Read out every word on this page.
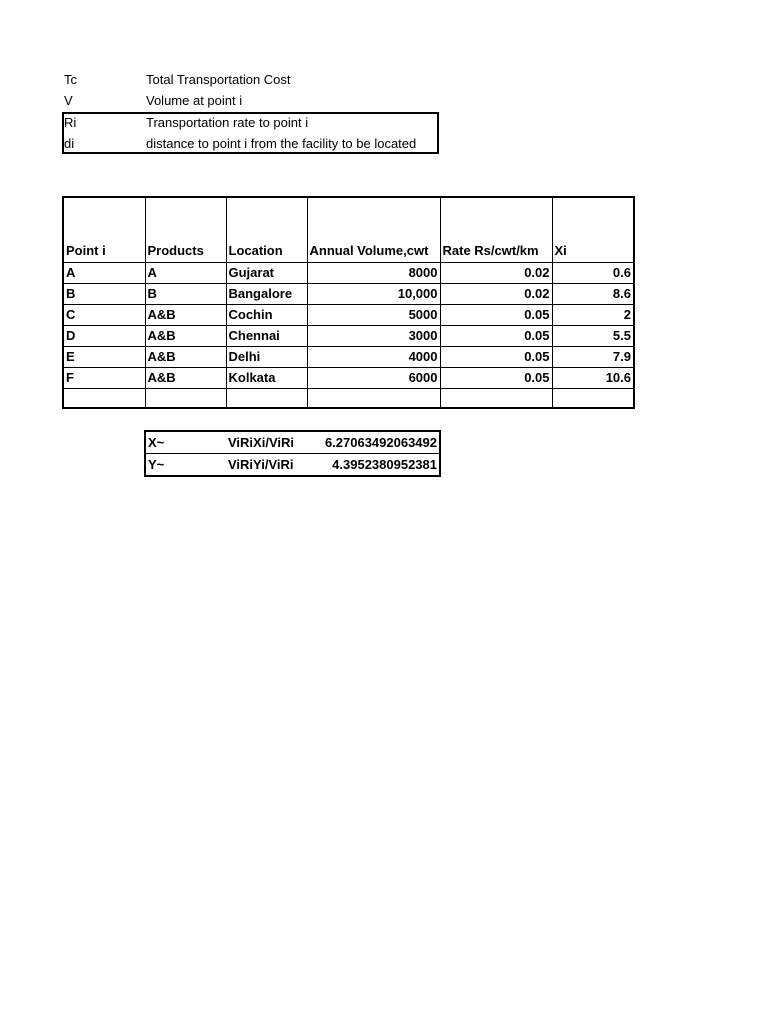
Tc	Total Transportation Cost
V	Volume at point i
Ri	Transportation rate to point i
di	distance to point i from the facility to be located
Point i	Products	Location	Annual Volume,cwt	Rate Rs/cwt/km	Xi
A	A	Gujarat	8000	0.02	0.6
B	B	Bangalore	10,000	0.02	8.6
C	A&B	Cochin	5000	0.05	2
D	A&B	Chennai	3000	0.05	5.5
E	A&B	Delhi	4000	0.05	7.9
F	A&B	Kolkata	6000	0.05	10.6

X~	ViRiXi/ViRi	6.27063492063492
Y~	ViRiYi/ViRi	4.3952380952381
